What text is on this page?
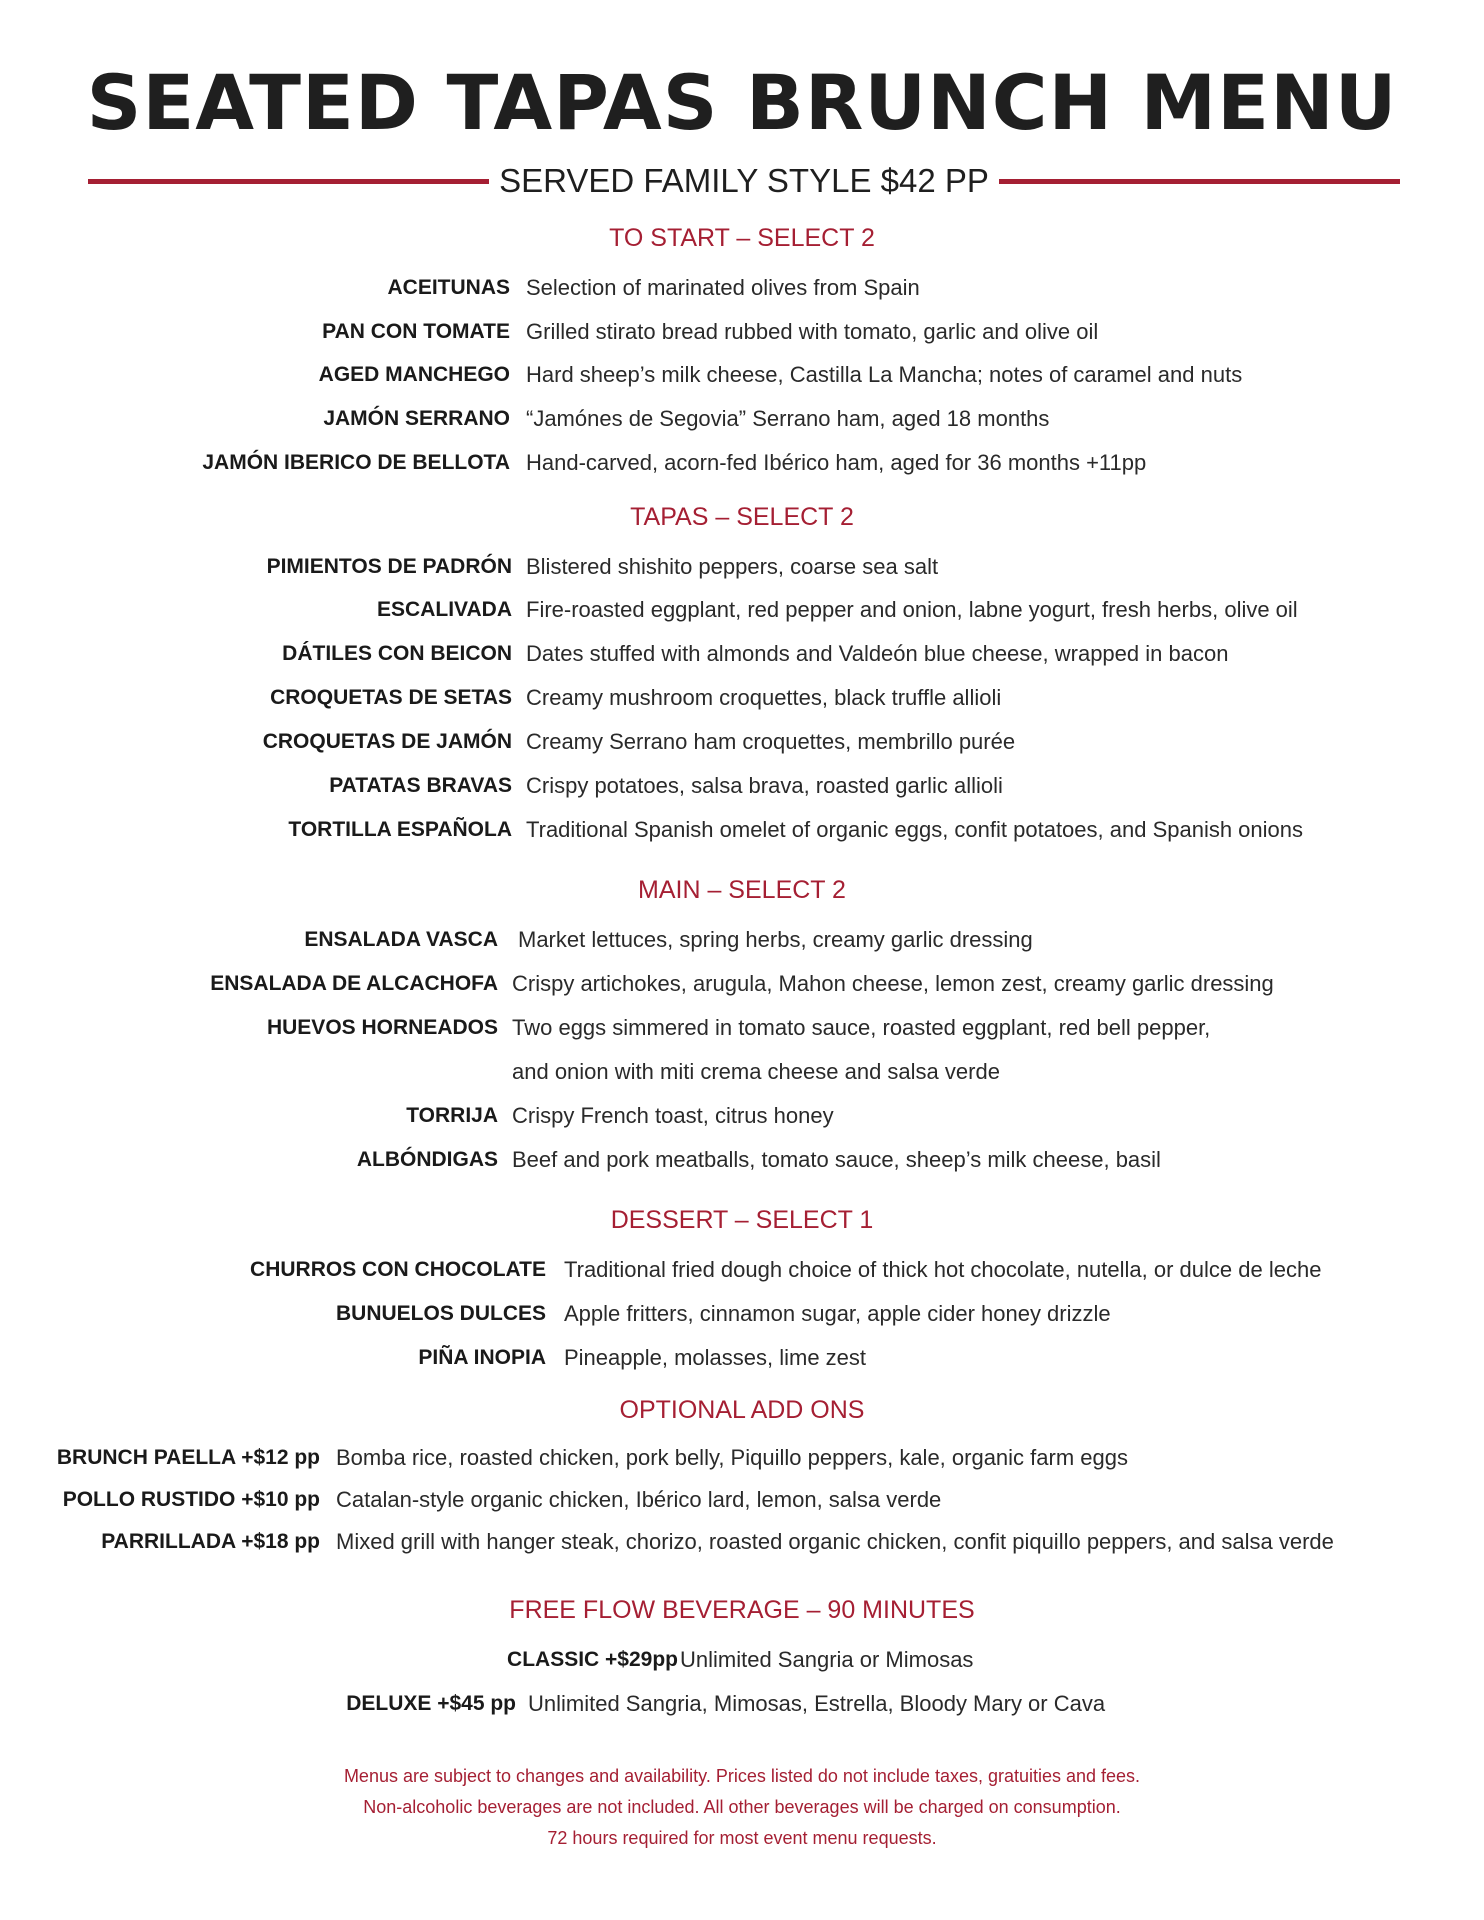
SEATED TAPAS BRUNCH MENU
SERVED FAMILY STYLE $42 PP
TO START – SELECT 2
ACEITUNAS Selection of marinated olives from Spain
PAN CON TOMATE Grilled stirato bread rubbed with tomato, garlic and olive oil
AGED MANCHEGO Hard sheep’s milk cheese, Castilla La Mancha; notes of caramel and nuts
JAMÓN SERRANO “Jamónes de Segovia” Serrano ham, aged 18 months
JAMÓN IBERICO DE BELLOTA Hand-carved, acorn-fed Ibérico ham, aged for 36 months +11pp
TAPAS – SELECT 2
PIMIENTOS DE PADRÓN Blistered shishito peppers, coarse sea salt
ESCALIVADA Fire-roasted eggplant, red pepper and onion, labne yogurt, fresh herbs, olive oil
DÁTILES CON BEICON Dates stuffed with almonds and Valdeón blue cheese, wrapped in bacon
CROQUETAS DE SETAS Creamy mushroom croquettes, black truffle allioli
CROQUETAS DE JAMÓN Creamy Serrano ham croquettes, membrillo purée
PATATAS BRAVAS Crispy potatoes, salsa brava, roasted garlic allioli
TORTILLA ESPAÑOLA Traditional Spanish omelet of organic eggs, confit potatoes, and Spanish onions
MAIN – SELECT 2
ENSALADA VASCA Market lettuces, spring herbs, creamy garlic dressing
ENSALADA DE ALCACHOFA Crispy artichokes, arugula, Mahon cheese, lemon zest, creamy garlic dressing
HUEVOS HORNEADOS Two eggs simmered in tomato sauce, roasted eggplant, red bell pepper,
and onion with miti crema cheese and salsa verde
TORRIJA Crispy French toast, citrus honey
ALBÓNDIGAS Beef and pork meatballs, tomato sauce, sheep’s milk cheese, basil
DESSERT – SELECT 1
CHURROS CON CHOCOLATE Traditional fried dough choice of thick hot chocolate, nutella, or dulce de leche
BUNUELOS DULCES Apple fritters, cinnamon sugar, apple cider honey drizzle
PIÑA INOPIA Pineapple, molasses, lime zest
OPTIONAL ADD ONS
BRUNCH PAELLA +$12 pp Bomba rice, roasted chicken, pork belly, Piquillo peppers, kale, organic farm eggs
POLLO RUSTIDO +$10 pp Catalan-style organic chicken, Ibérico lard, lemon, salsa verde
PARRILLADA +$18 pp Mixed grill with hanger steak, chorizo, roasted organic chicken, confit piquillo peppers, and salsa verde
FREE FLOW BEVERAGE – 90 MINUTES
CLASSIC +$29pp Unlimited Sangria or Mimosas
DELUXE +$45 pp Unlimited Sangria, Mimosas, Estrella, Bloody Mary or Cava
Menus are subject to changes and availability. Prices listed do not include taxes, gratuities and fees.
Non-alcoholic beverages are not included. All other beverages will be charged on consumption.
72 hours required for most event menu requests.
